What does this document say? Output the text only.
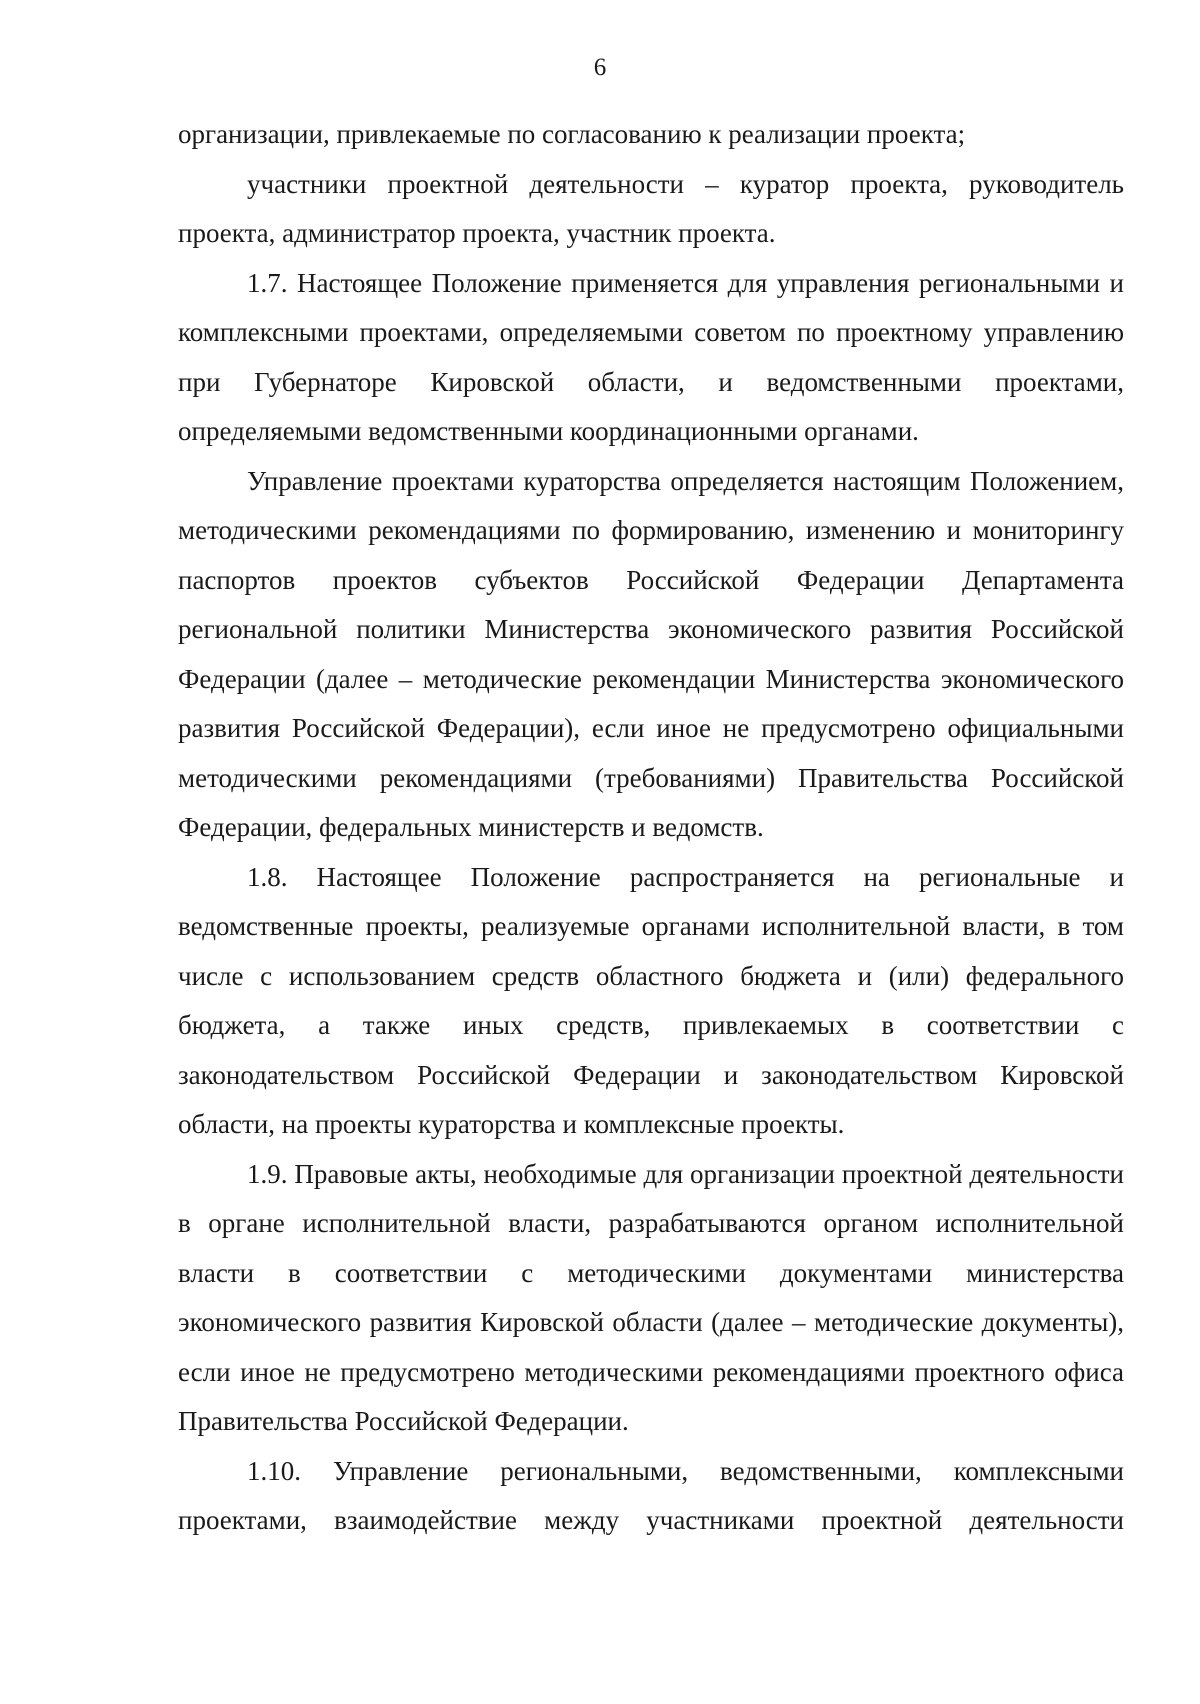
6

организации, привлекаемые по согласованию к реализации проекта;

участники проектной деятельности – куратор проекта, руководитель проекта, администратор проекта, участник проекта.

1.7. Настоящее Положение применяется для управления региональными и комплексными проектами, определяемыми советом по проектному управлению при Губернаторе Кировской области, и ведомственными проектами, определяемыми ведомственными координационными органами.

Управление проектами кураторства определяется настоящим Положением, методическими рекомендациями по формированию, изменению и мониторингу паспортов проектов субъектов Российской Федерации Департамента региональной политики Министерства экономического развития Российской Федерации (далее – методические рекомендации Министерства экономического развития Российской Федерации), если иное не предусмотрено официальными методическими рекомендациями (требованиями) Правительства Российской Федерации, федеральных министерств и ведомств.

1.8. Настоящее Положение распространяется на региональные и ведомственные проекты, реализуемые органами исполнительной власти, в том числе с использованием средств областного бюджета и (или) федерального бюджета, а также иных средств, привлекаемых в соответствии с законодательством Российской Федерации и законодательством Кировской области, на проекты кураторства и комплексные проекты.

1.9. Правовые акты, необходимые для организации проектной деятельности в органе исполнительной власти, разрабатываются органом исполнительной власти в соответствии с методическими документами министерства экономического развития Кировской области (далее – методические документы), если иное не предусмотрено методическими рекомендациями проектного офиса Правительства Российской Федерации.

1.10. Управление региональными, ведомственными, комплексными проектами, взаимодействие между участниками проектной деятельности
